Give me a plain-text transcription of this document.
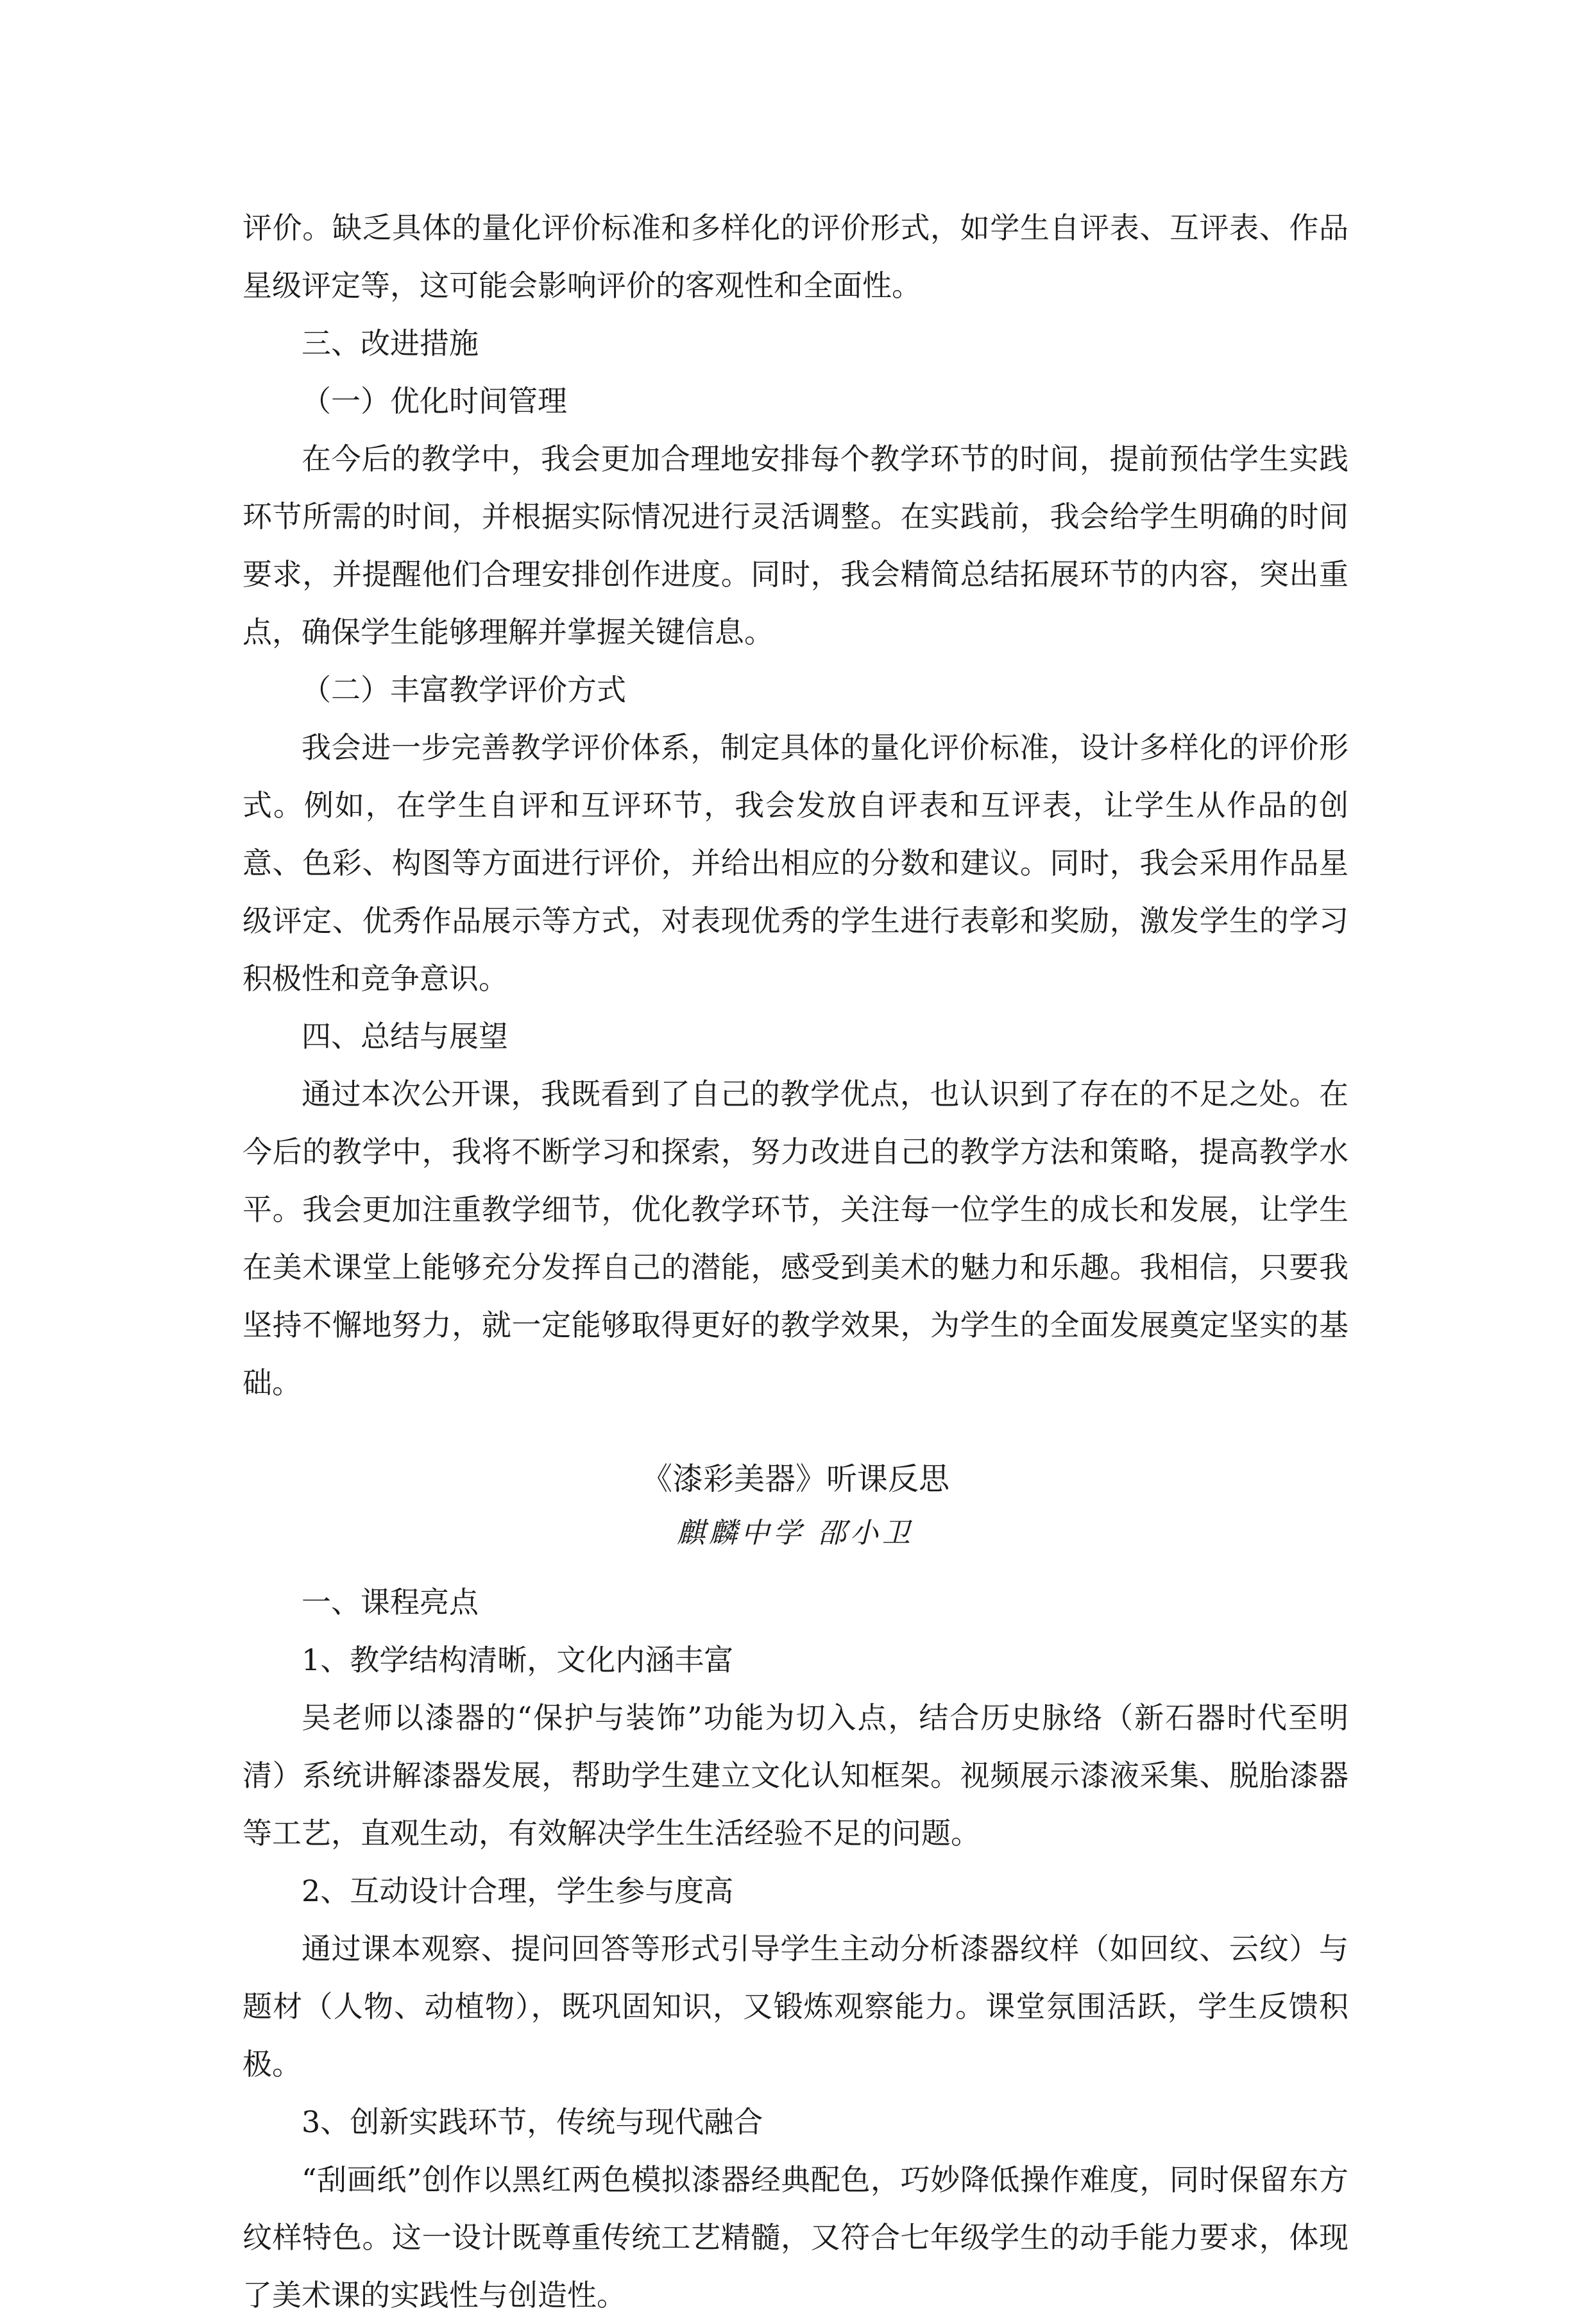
评价。缺乏具体的量化评价标准和多样化的评价形式，如学生自评表、互评表、作品星级评定等，这可能会影响评价的客观性和全面性。

三、改进措施

（一）优化时间管理

在今后的教学中，我会更加合理地安排每个教学环节的时间，提前预估学生实践环节所需的时间，并根据实际情况进行灵活调整。在实践前，我会给学生明确的时间要求，并提醒他们合理安排创作进度。同时，我会精简总结拓展环节的内容，突出重点，确保学生能够理解并掌握关键信息。

（二）丰富教学评价方式

我会进一步完善教学评价体系，制定具体的量化评价标准，设计多样化的评价形式。例如，在学生自评和互评环节，我会发放自评表和互评表，让学生从作品的创意、色彩、构图等方面进行评价，并给出相应的分数和建议。同时，我会采用作品星级评定、优秀作品展示等方式，对表现优秀的学生进行表彰和奖励，激发学生的学习积极性和竞争意识。

四、总结与展望

通过本次公开课，我既看到了自己的教学优点，也认识到了存在的不足之处。在今后的教学中，我将不断学习和探索，努力改进自己的教学方法和策略，提高教学水平。我会更加注重教学细节，优化教学环节，关注每一位学生的成长和发展，让学生在美术课堂上能够充分发挥自己的潜能，感受到美术的魅力和乐趣。我相信，只要我坚持不懈地努力，就一定能够取得更好的教学效果，为学生的全面发展奠定坚实的基础。

《漆彩美器》听课反思

麒麟中学 邵小卫

一、课程亮点

1、教学结构清晰，文化内涵丰富

吴老师以漆器的“保护与装饰”功能为切入点，结合历史脉络（新石器时代至明清）系统讲解漆器发展，帮助学生建立文化认知框架。视频展示漆液采集、脱胎漆器等工艺，直观生动，有效解决学生生活经验不足的问题。

2、互动设计合理，学生参与度高

通过课本观察、提问回答等形式引导学生主动分析漆器纹样（如回纹、云纹）与题材（人物、动植物），既巩固知识，又锻炼观察能力。课堂氛围活跃，学生反馈积极。

3、创新实践环节，传统与现代融合

“刮画纸”创作以黑红两色模拟漆器经典配色，巧妙降低操作难度，同时保留东方纹样特色。这一设计既尊重传统工艺精髓，又符合七年级学生的动手能力要求，体现了美术课的实践性与创造性。
